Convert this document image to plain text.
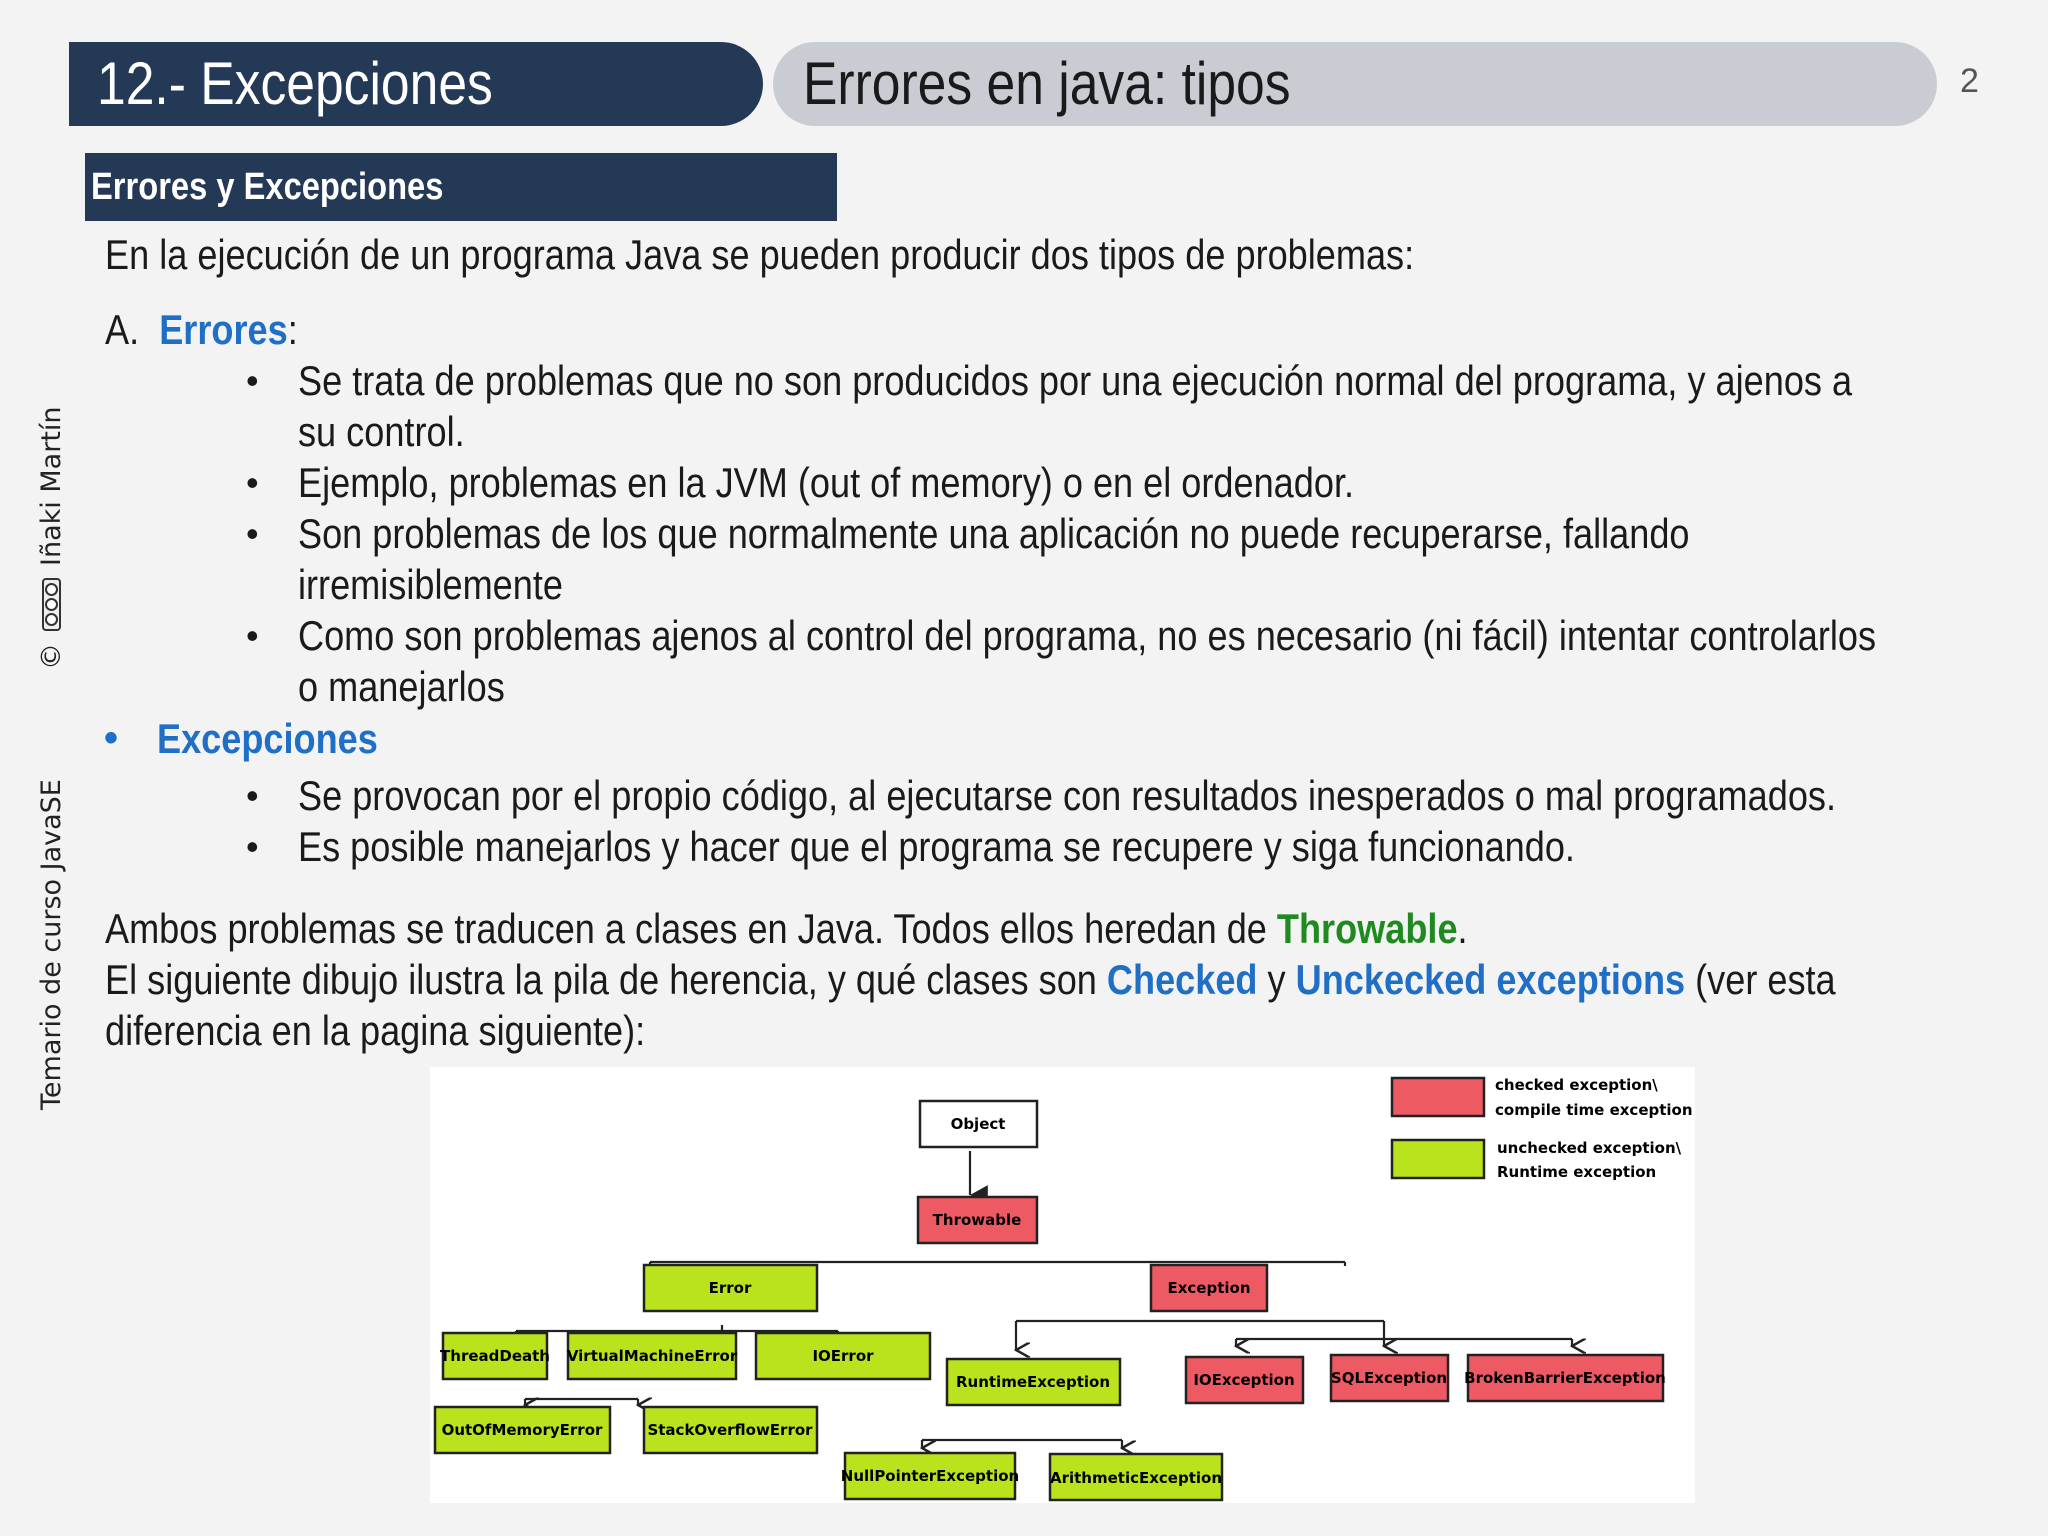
12.- Excepciones	Errores en java: tipos	2
Temario de curso JavaSE
©
Iñaki Martín
Errores y Excepciones
En la ejecución de un programa Java se pueden producir dos tipos de problemas:
A. Errores:
• Se trata de problemas que no son producidos por una ejecución normal del programa, y ajenos a
su control.
• Ejemplo, problemas en la JVM (out of memory) o en el ordenador.
• Son problemas de los que normalmente una aplicación no puede recuperarse, fallando
irremisiblemente
• Como son problemas ajenos al control del programa, no es necesario (ni fácil) intentar controlarlos
o manejarlos
• Excepciones
• Se provocan por el propio código, al ejecutarse con resultados inesperados o mal programados.
• Es posible manejarlos y hacer que el programa se recupere y siga funcionando.
Ambos problemas se traducen a clases en Java. Todos ellos heredan de Throwable.
El siguiente dibujo ilustra la pila de herencia, y qué clases son Checked y Unckecked exceptions (ver esta
diferencia en la pagina siguiente):
Object
Throwable
Error	Exception
ThreadDeath VirtualMachineError	IOError
OutOfMemoryError	StackOverflowError
RuntimeException	IOException SQLException BrokenBarrierException
NullPointerException ArithmeticException
checked exception\
compile time exception
unchecked exception\
Runtime exception
